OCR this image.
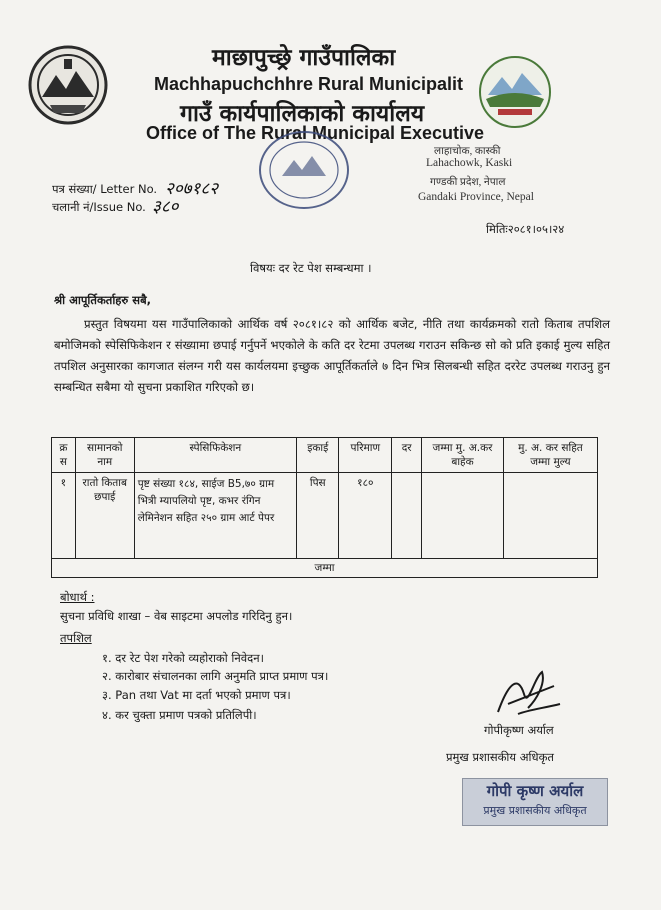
माछापुच्छ्रे गाउँपालिका
Machhapuchchhre Rural Municipalit
गाउँ कार्यपालिकाको कार्यालय
Office of The Rural Municipal Executive
लाहाचोक, कास्की
Lahachowk, Kaski
गण्डकी प्रदेश, नेपाल
Gandaki Province, Nepal
पत्र संख्या/ Letter No. २०७१८२
चलानी नं/Issue No. ३८०
मितिः२०८१।०५।२४
विषयः दर रेट पेश सम्बन्धमा ।
श्री आपूर्तिकर्ताहरु सबै,
प्रस्तुत विषयमा यस गाउँपालिकाको आर्थिक वर्ष २०८१।८२ को आर्थिक बजेट, नीति तथा कार्यक्रमको रातो किताब तपशिल बमोजिमको स्पेसिफिकेशन र संख्यामा छपाई गर्नुपर्ने भएकोले के कति दर रेटमा उपलब्ध गराउन सकिन्छ सो को प्रति इकाई मुल्य सहित तपशिल अनुसारका कागजात संलग्न गरी यस कार्यलयमा इच्छुक आपूर्तिकर्ताले ७ दिन भित्र सिलबन्धी सहित दररेट उपलब्ध गराउनु हुन सम्बन्धित सबैमा यो सुचना प्रकाशित गरिएको छ।
क्र स	सामानको नाम	स्पेसिफिकेशन	इकाई	परिमाण	दर	जम्मा मु. अ.कर बाहेक	मु. अ. कर सहित जम्मा मुल्य
१	रातो किताब छपाई	पृष्ट संख्या १८४, साईज B5,७० ग्राम भित्री म्यापलियो पृष्ट, कभर रंगिन लेमिनेशन सहित २५० ग्राम आर्ट पेपर	पिस	१८०			
जम्मा							
बोधार्थ :
सुचना प्रविधि शाखा – वेब साइटमा अपलोड गरिदिनु हुन।
तपशिल
१. दर रेट पेश गरेको व्यहोराको निवेदन।
२. कारोबार संचालनका लागि अनुमति प्राप्त प्रमाण पत्र।
३. Pan तथा Vat मा दर्ता भएको प्रमाण पत्र।
४. कर चुक्ता प्रमाण पत्रको प्रतिलिपी।
गोपीकृष्ण अर्याल
प्रमुख प्रशासकीय अधिकृत
गोपी कृष्ण अर्याल
प्रमुख प्रशासकीय अधिकृत
